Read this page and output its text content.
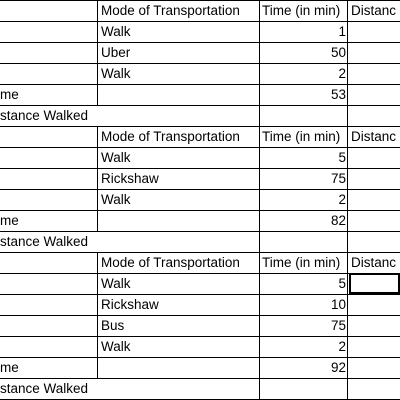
Mode of Transportation	Time (in min) Distanc
Walk	1
Uber	50
Walk	2
me	53
stance Walked
Mode of Transportation	Time (in min) Distanc
Walk	5
Rickshaw	75
Walk	2
me	82
stance Walked
Mode of Transportation	Time (in min) Distanc
Walk	5
Rickshaw	10
Bus	75
Walk	2
me	92
stance Walked
